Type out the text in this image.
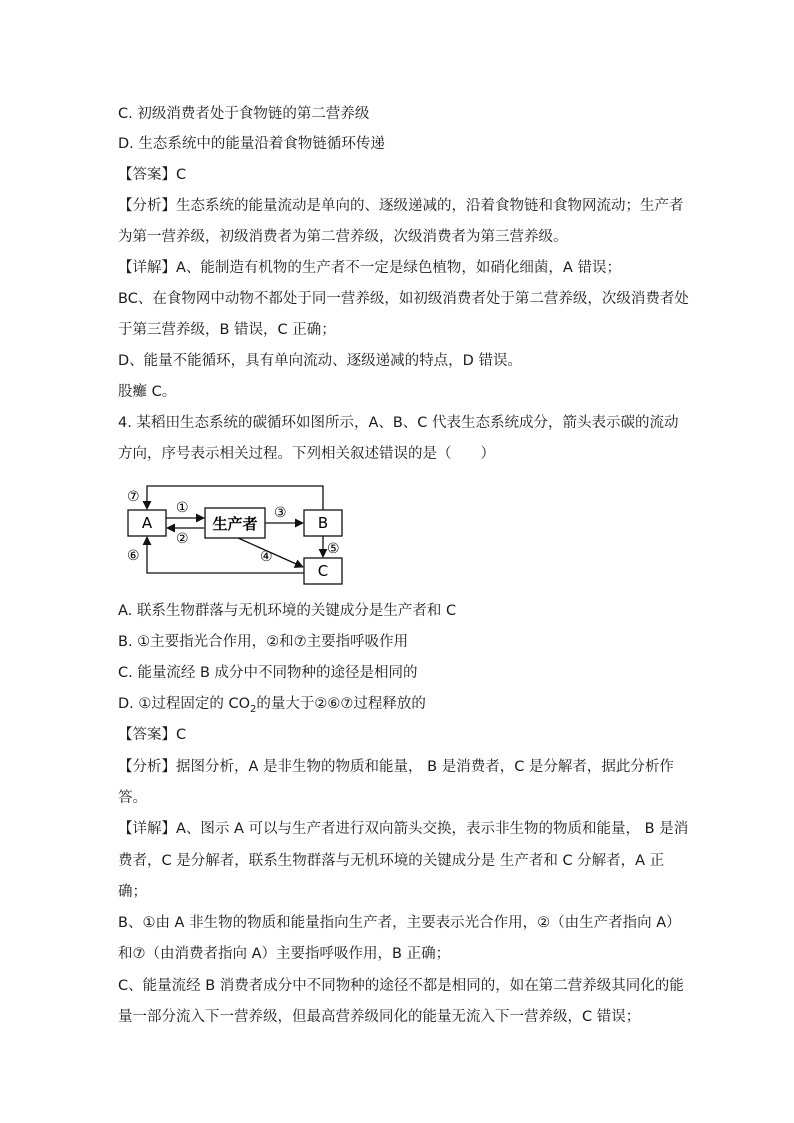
C. 初级消费者处于食物链的第二营养级
D. 生态系统中的能量沿着食物链循环传递
【答案】C
【分析】生态系统的能量流动是单向的、逐级递减的，沿着食物链和食物网流动；生产者
为第一营养级，初级消费者为第二营养级，次级消费者为第三营养级。
【详解】A、能制造有机物的生产者不一定是绿色植物，如硝化细菌，A 错误；
BC、在食物网中动物不都处于同一营养级，如初级消费者处于第二营养级，次级消费者处
于第三营养级，B 错误，C 正确；
D、能量不能循环，具有单向流动、逐级递减的特点，D 错误。
股癱 C。
4. 某稻田生态系统的碳循环如图所示，A、B、C 代表生态系统成分，箭头表示碳的流动
方向，序号表示相关过程。下列相关叙述错误的是（　　）
A	生产者	B
C
①
②
③
④	⑤
⑥
⑦
A. 联系生物群落与无机环境的关键成分是生产者和 C
B. ①主要指光合作用，②和⑦主要指呼吸作用
C. 能量流经 B 成分中不同物种的途径是相同的
D. ①过程固定的 $CO_2$的量大于②⑥⑦过程释放的
【答案】C
【分析】据图分析，A 是非生物的物质和能量， B 是消费者，C 是分解者，据此分析作
答。
【详解】A、图示 A 可以与生产者进行双向箭头交换，表示非生物的物质和能量， B 是消
费者，C 是分解者，联系生物群落与无机环境的关键成分是 生产者和 C 分解者，A 正
确；
B、①由 A 非生物的物质和能量指向生产者，主要表示光合作用，②（由生产者指向 A）
和⑦（由消费者指向 A）主要指呼吸作用，B 正确；
C、能量流经 B 消费者成分中不同物种的途径不都是相同的，如在第二营养级其同化的能
量一部分流入下一营养级，但最高营养级同化的能量无流入下一营养级，C 错误；
